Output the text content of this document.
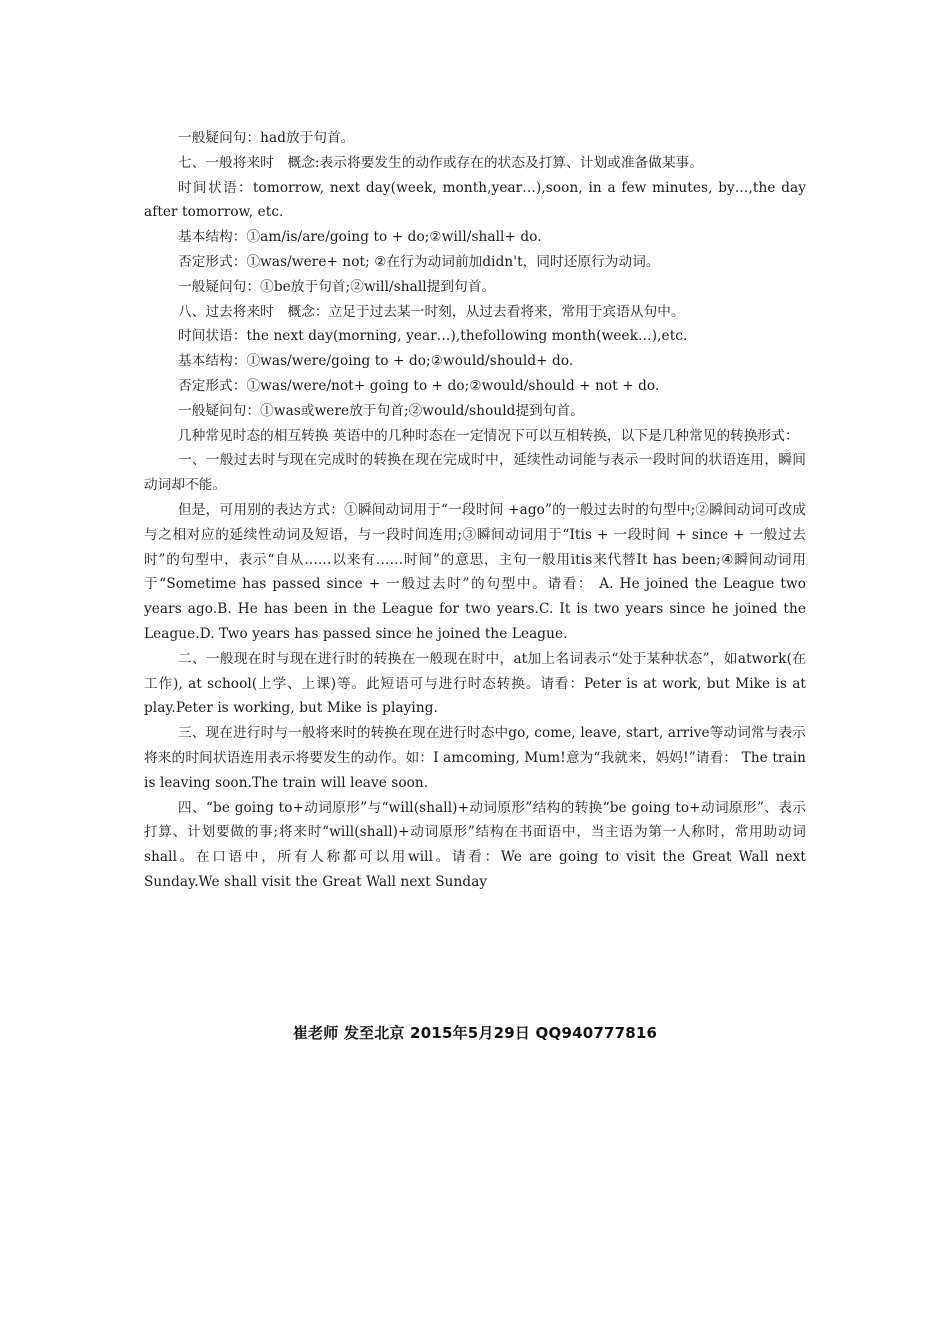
一般疑问句：had放于句首。

七、一般将来时　概念:表示将要发生的动作或存在的状态及打算、计划或准备做某事。

时间状语：tomorrow, next day(week, month,year…),soon, in a few minutes, by…,the day after tomorrow, etc.

基本结构：①am/is/are/going to + do;②will/shall+ do.

否定形式：①was/were+ not; ②在行为动词前加didn't，同时还原行为动词。

一般疑问句：①be放于句首;②will/shall提到句首。

八、过去将来时　概念：立足于过去某一时刻，从过去看将来，常用于宾语从句中。

时间状语：the next day(morning, year…),thefollowing month(week…),etc.

基本结构：①was/were/going to + do;②would/should+ do.

否定形式：①was/were/not+ going to + do;②would/should + not + do.

一般疑问句：①was或were放于句首;②would/should提到句首。

几种常见时态的相互转换 英语中的几种时态在一定情况下可以互相转换，以下是几种常见的转换形式：

一、一般过去时与现在完成时的转换在现在完成时中，延续性动词能与表示一段时间的状语连用，瞬间动词却不能。

但是，可用别的表达方式：①瞬间动词用于“一段时间 +ago”的一般过去时的句型中;②瞬间动词可改成与之相对应的延续性动词及短语，与一段时间连用;③瞬间动词用于“Itis + 一段时间 + since + 一般过去时”的句型中，表示“自从……以来有……时间”的意思，主句一般用itis来代替It has been;④瞬间动词用于“Sometime has passed since + 一般过去时”的句型中。请看： A. He joined the League two years ago.B. He has been in the League for two years.C. It is two years since he joined the League.D. Two years has passed since he joined the League.

二、一般现在时与现在进行时的转换在一般现在时中，at加上名词表示“处于某种状态”，如atwork(在工作), at school(上学、上课)等。此短语可与进行时态转换。请看：Peter is at work, but Mike is at play.Peter is working, but Mike is playing.

三、现在进行时与一般将来时的转换在现在进行时态中go, come, leave, start, arrive等动词常与表示将来的时间状语连用表示将要发生的动作。如：I amcoming, Mum!意为“我就来，妈妈!”请看： The train is leaving soon.The train will leave soon.

四、“be going to+动词原形”与“will(shall)+动词原形”结构的转换“be going to+动词原形”、表示打算、计划要做的事;将来时“will(shall)+动词原形”结构在书面语中，当主语为第一人称时，常用助动词shall。在口语中，所有人称都可以用will。请看：We are going to visit the Great Wall next Sunday.We shall visit the Great Wall next Sunday

崔老师 发至北京 2015年5月29日 QQ940777816
